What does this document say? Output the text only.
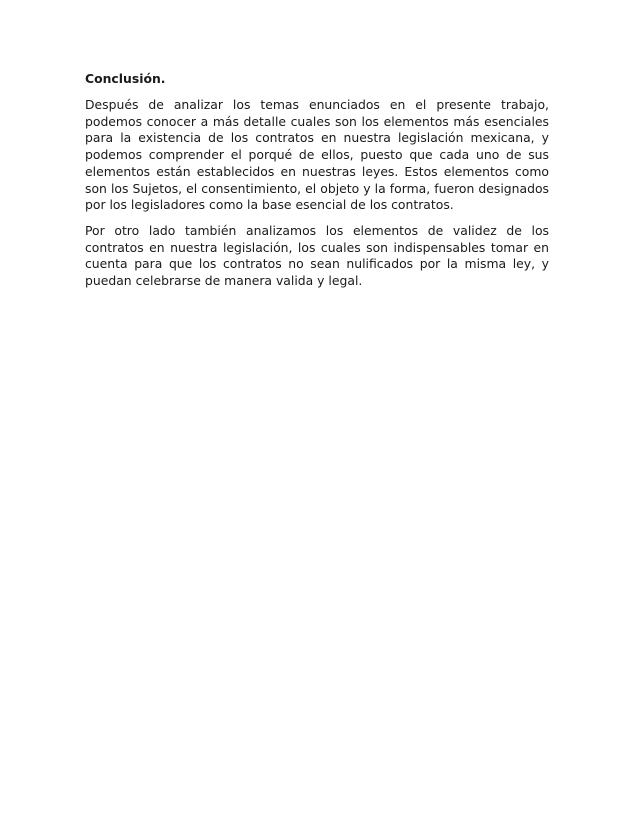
Conclusión.

Después de analizar los temas enunciados en el presente trabajo, podemos conocer a más detalle cuales son los elementos más esenciales para la existencia de los contratos en nuestra legislación mexicana, y podemos comprender el porqué de ellos, puesto que cada uno de sus elementos están establecidos en nuestras leyes. Estos elementos como son los Sujetos, el consentimiento, el objeto y la forma, fueron designados por los legisladores como la base esencial de los contratos.

Por otro lado también analizamos los elementos de validez de los contratos en nuestra legislación, los cuales son indispensables tomar en cuenta para que los contratos no sean nulificados por la misma ley, y puedan celebrarse de manera valida y legal.
